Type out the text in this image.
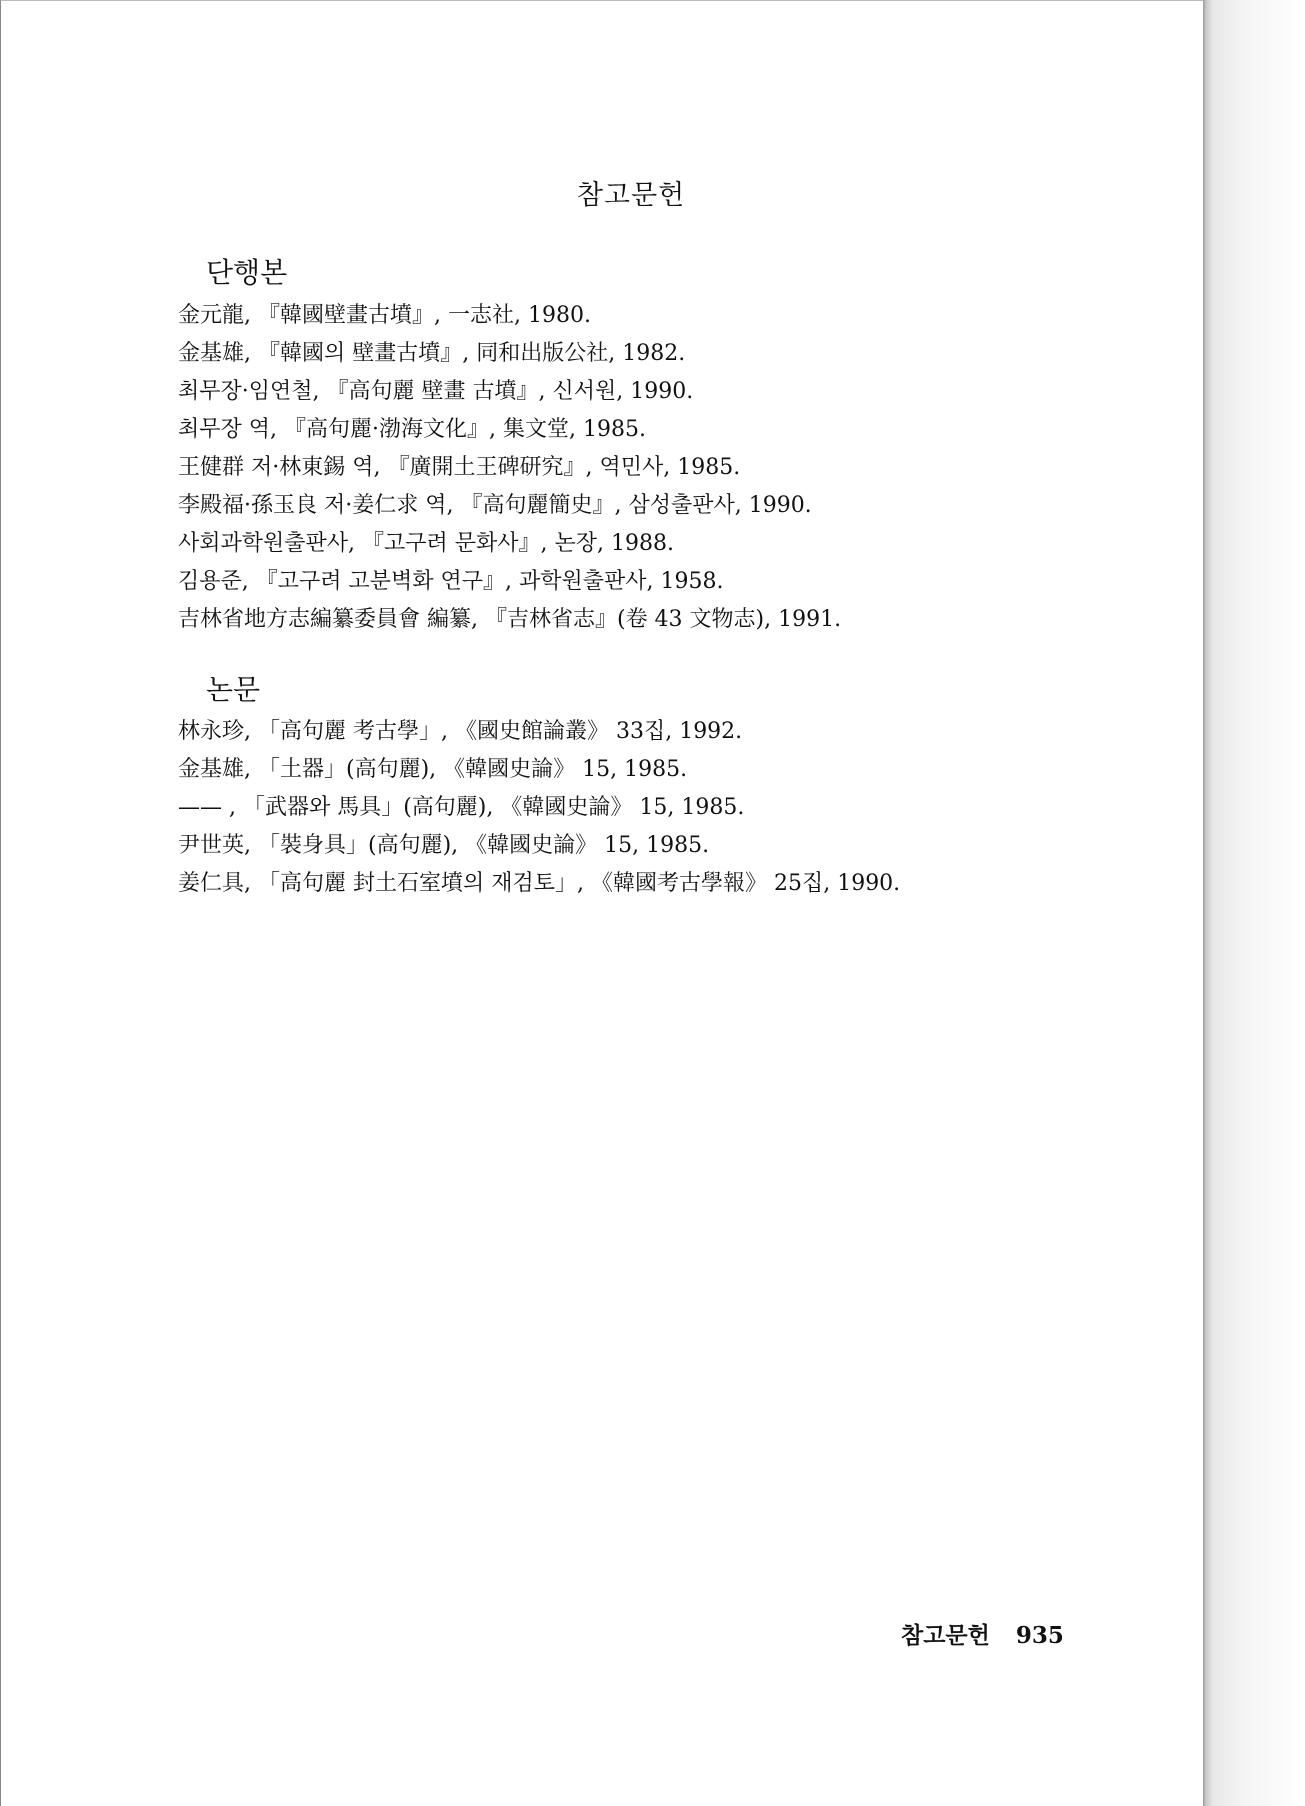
참고문헌
단행본
金元龍, 『韓國壁畫古墳』, 一志社, 1980.
金基雄, 『韓國의 壁畫古墳』, 同和出版公社, 1982.
최무장·임연철, 『高句麗 壁畫 古墳』, 신서원, 1990.
최무장 역, 『高句麗·渤海文化』, 集文堂, 1985.
王健群 저·林東錫 역, 『廣開土王碑研究』, 역민사, 1985.
李殿福·孫玉良 저·姜仁求 역, 『高句麗簡史』, 삼성출판사, 1990.
사회과학원출판사, 『고구려 문화사』, 논장, 1988.
김용준, 『고구려 고분벽화 연구』, 과학원출판사, 1958.
吉林省地方志編纂委員會 編纂, 『吉林省志』(卷 43 文物志), 1991.
논문
林永珍, 「高句麗 考古學」, 《國史館論叢》 33집, 1992.
金基雄, 「土器」(高句麗), 《韓國史論》 15, 1985.
—— , 「武器와 馬具」(高句麗), 《韓國史論》 15, 1985.
尹世英, 「裝身具」(高句麗), 《韓國史論》 15, 1985.
姜仁具, 「高句麗 封土石室墳의 재검토」, 《韓國考古學報》 25집, 1990.
참고문헌 935
